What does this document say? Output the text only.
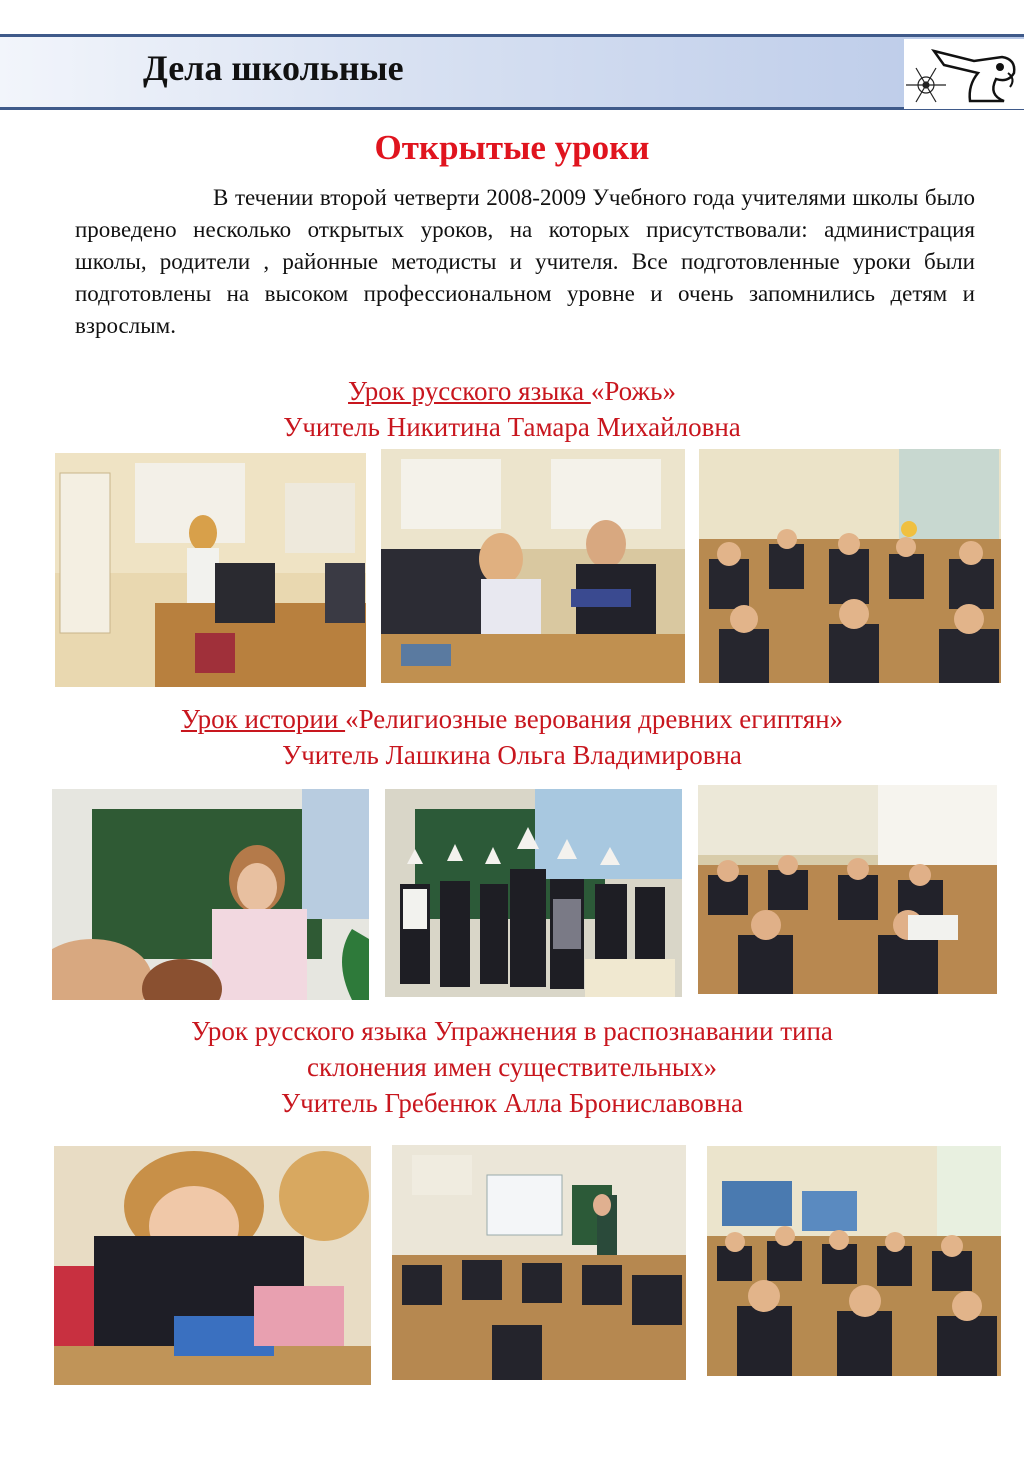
Дела школьные
Открытые уроки
В течении второй четверти 2008-2009 Учебного года учителями школы было проведено несколько открытых уроков, на которых присутствовали: администрация школы, родители , районные методисты и учителя. Все подготовленные уроки были подготовлены на высоком профессиональном уровне и очень запомнились детям и взрослым.
Урок русского языка «Рожь»
Учитель Никитина Тамара Михайловна
Урок истории «Религиозные верования древних египтян»
Учитель Лашкина Ольга Владимировна
Урок русского языка Упражнения в распознавании типа
склонения имен существительных»
Учитель Гребенюк Алла Брониславовна
